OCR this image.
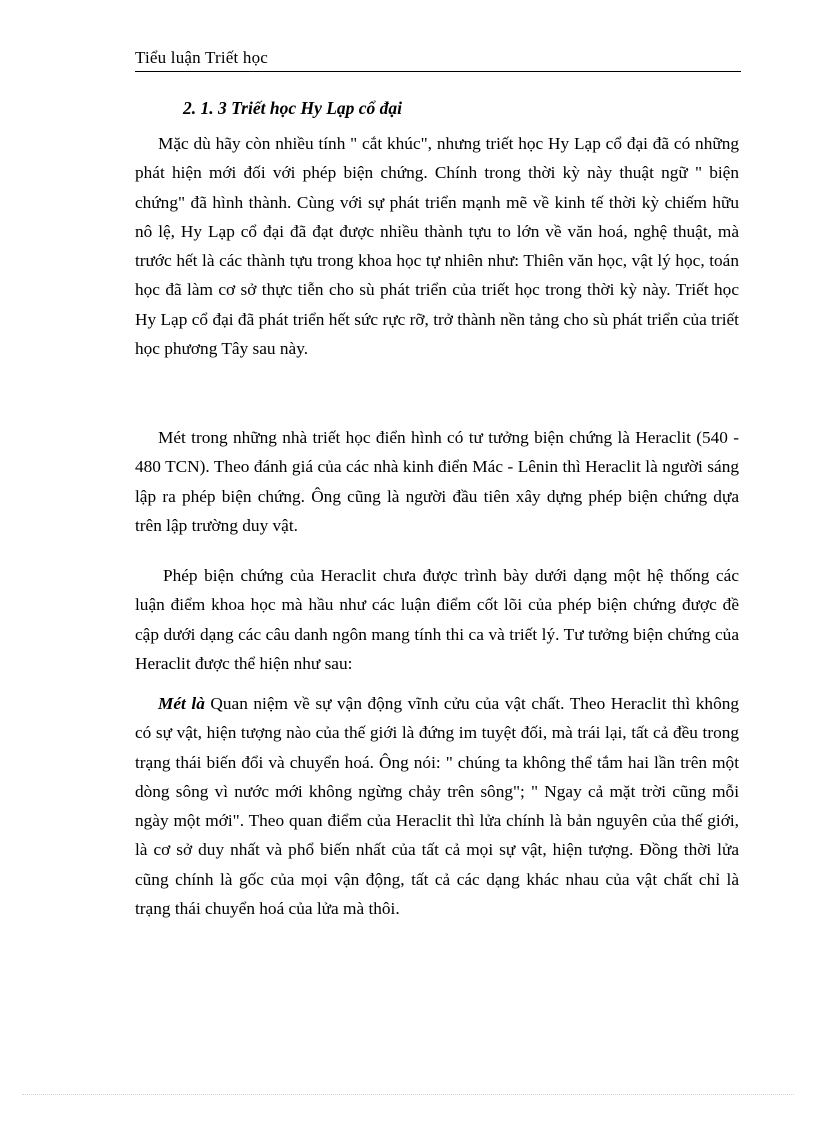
Tiểu luận Triết học
2. 1. 3 Triết học Hy Lạp cổ đại

Mặc dù hãy còn nhiều tính " cắt khúc", nhưng triết học Hy Lạp cổ đại đã có những phát hiện mới đối với phép biện chứng. Chính trong thời kỳ này thuật ngữ " biện chứng" đã hình thành. Cùng với sự phát triển mạnh mẽ về kinh tế thời kỳ chiếm hữu nô lệ, Hy Lạp cổ đại đã đạt được nhiều thành tựu to lớn về văn hoá, nghệ thuật, mà trước hết là các thành tựu trong khoa học tự nhiên như: Thiên văn học, vật lý học, toán học đã làm cơ sở thực tiễn cho sù phát triển của triết học trong thời kỳ này. Triết học Hy Lạp cổ đại đã phát triển hết sức rực rỡ, trở thành nền tảng cho sù phát triển của triết học phương Tây sau này.

Mét trong những nhà triết học điển hình có tư tưởng biện chứng là Heraclit (540 - 480 TCN). Theo đánh giá của các nhà kinh điển Mác - Lênin thì Heraclit là người sáng lập ra phép biện chứng. Ông cũng là người đầu tiên xây dựng phép biện chứng dựa trên lập trường duy vật.

Phép biện chứng của Heraclit chưa được trình bày dưới dạng một hệ thống các luận điểm khoa học mà hầu như các luận điểm cốt lõi của phép biện chứng được đề cập dưới dạng các câu danh ngôn mang tính thi ca và triết lý. Tư tưởng biện chứng của Heraclit được thể hiện như sau:

Mét là Quan niệm về sự vận động vĩnh cửu của vật chất. Theo Heraclit thì không có sự vật, hiện tượng nào của thế giới là đứng im tuyệt đối, mà trái lại, tất cả đều trong trạng thái biến đổi và chuyển hoá. Ông nói: " chúng ta không thể tắm hai lần trên một dòng sông vì nước mới không ngừng chảy trên sông"; " Ngay cả mặt trời cũng mỗi ngày một mới". Theo quan điểm của Heraclit thì lửa chính là bản nguyên của thế giới, là cơ sở duy nhất và phổ biến nhất của tất cả mọi sự vật, hiện tượng. Đồng thời lửa cũng chính là gốc của mọi vận động, tất cả các dạng khác nhau của vật chất chỉ là trạng thái chuyển hoá của lửa mà thôi.
